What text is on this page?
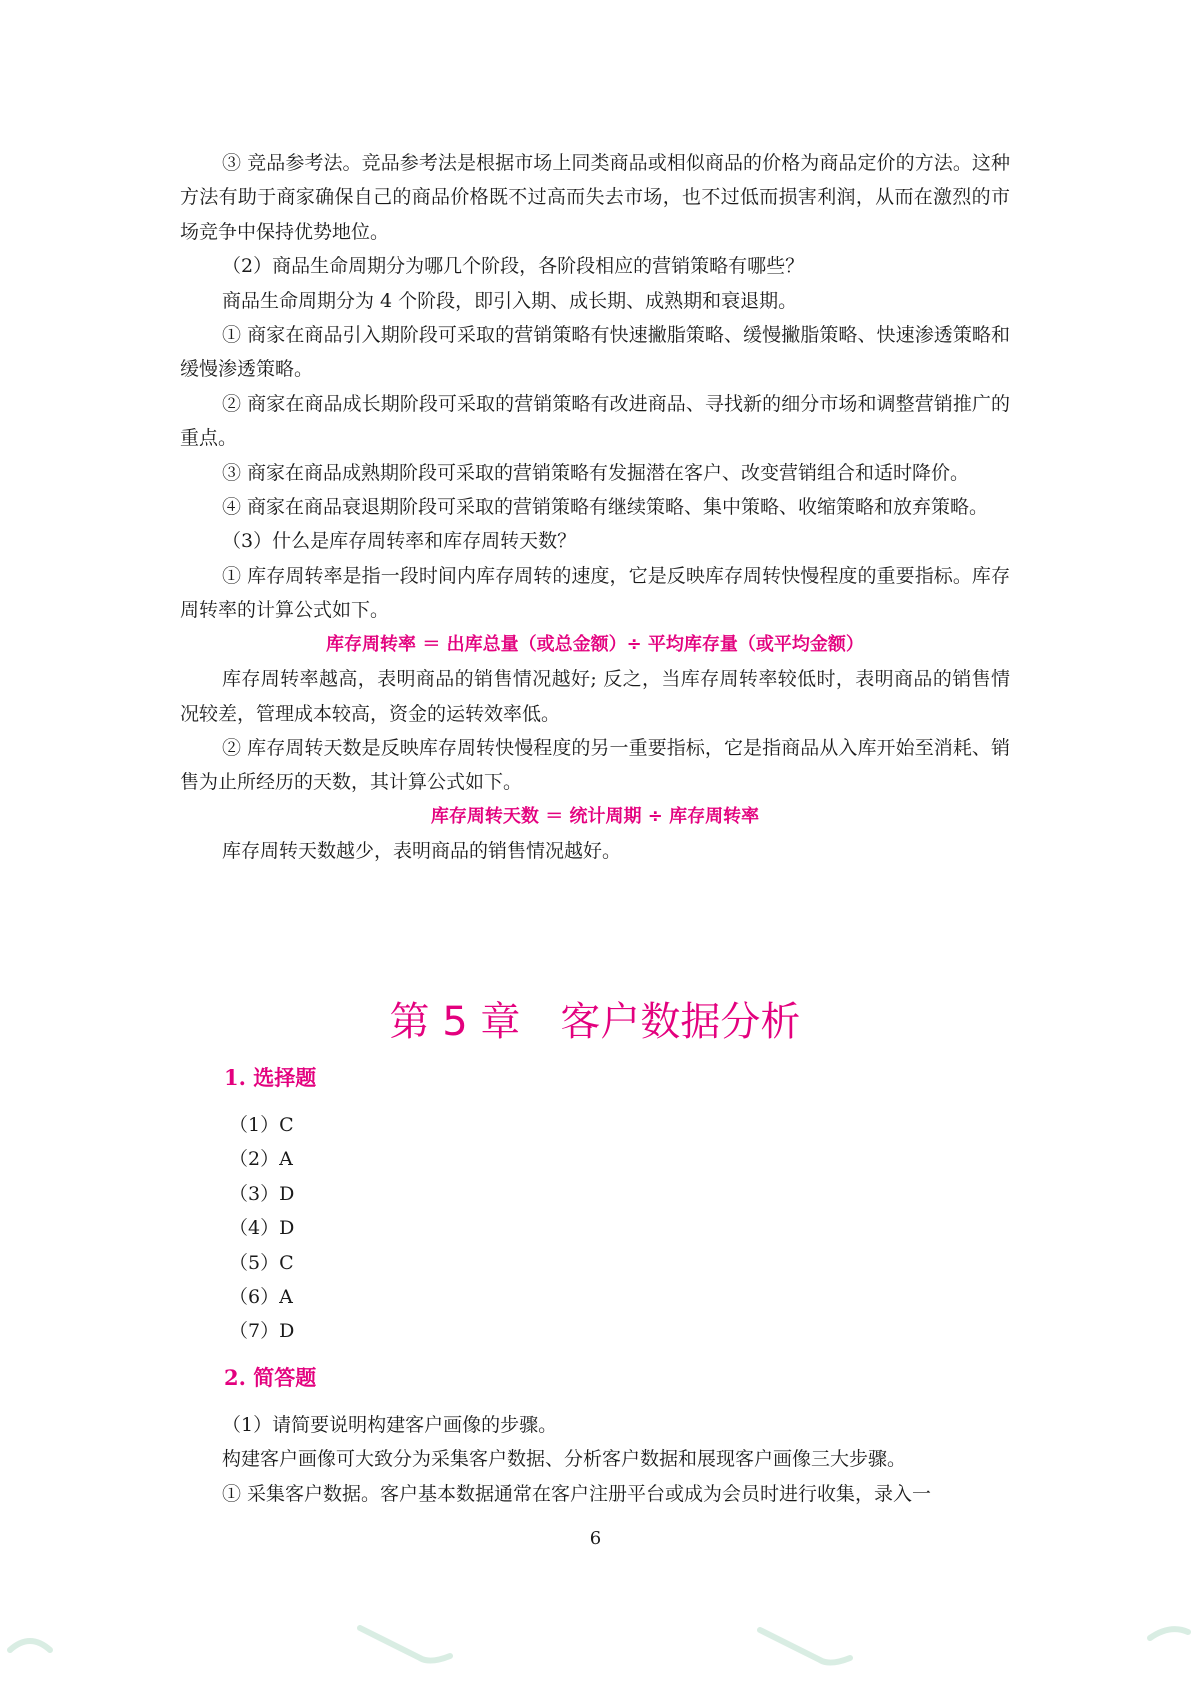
③ 竞品参考法。竞品参考法是根据市场上同类商品或相似商品的价格为商品定价的方法。这种方法有助于商家确保自己的商品价格既不过高而失去市场，也不过低而损害利润，从而在激烈的市场竞争中保持优势地位。

（2）商品生命周期分为哪几个阶段，各阶段相应的营销策略有哪些？

商品生命周期分为 4 个阶段，即引入期、成长期、成熟期和衰退期。

① 商家在商品引入期阶段可采取的营销策略有快速撇脂策略、缓慢撇脂策略、快速渗透策略和缓慢渗透策略。

② 商家在商品成长期阶段可采取的营销策略有改进商品、寻找新的细分市场和调整营销推广的重点。

③ 商家在商品成熟期阶段可采取的营销策略有发掘潜在客户、改变营销组合和适时降价。

④ 商家在商品衰退期阶段可采取的营销策略有继续策略、集中策略、收缩策略和放弃策略。

（3）什么是库存周转率和库存周转天数？

① 库存周转率是指一段时间内库存周转的速度，它是反映库存周转快慢程度的重要指标。库存周转率的计算公式如下。

库存周转率 ＝ 出库总量（或总金额）÷ 平均库存量（或平均金额）

库存周转率越高，表明商品的销售情况越好; 反之，当库存周转率较低时，表明商品的销售情况较差，管理成本较高，资金的运转效率低。

② 库存周转天数是反映库存周转快慢程度的另一重要指标，它是指商品从入库开始至消耗、销售为止所经历的天数，其计算公式如下。

库存周转天数 ＝ 统计周期 ÷ 库存周转率

库存周转天数越少，表明商品的销售情况越好。

第 5 章　客户数据分析
1. 选择题
（1）C
（2）A
（3）D
（4）D
（5）C
（6）A
（7）D
2. 简答题

（1）请简要说明构建客户画像的步骤。

构建客户画像可大致分为采集客户数据、分析客户数据和展现客户画像三大步骤。

① 采集客户数据。客户基本数据通常在客户注册平台或成为会员时进行收集，录入一

6
